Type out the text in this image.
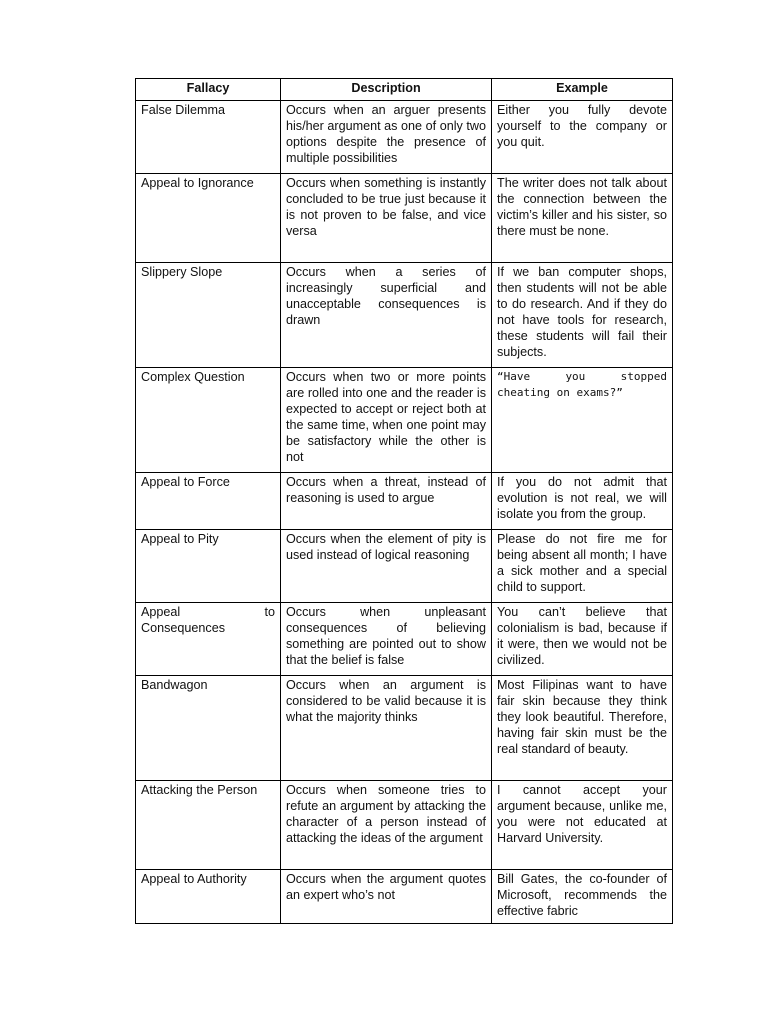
Fallacy	Description	Example
False Dilemma	Occurs when an arguer presents his/her argument as one of only two options despite the presence of multiple possibilities	Either you fully devote yourself to the company or you quit.
Appeal to Ignorance	Occurs when something is instantly concluded to be true just because it is not proven to be false, and vice versa	The writer does not talk about the connection between the victim’s killer and his sister, so there must be none.
Slippery Slope	Occurs when a series of increasingly superficial and unacceptable consequences is drawn	If we ban computer shops, then students will not be able to do research. And if they do not have tools for research, these students will fail their subjects.
Complex Question	Occurs when two or more points are rolled into one and the reader is expected to accept or reject both at the same time, when one point may be satisfactory while the other is not	“Have you stopped cheating on exams?”
Appeal to Force	Occurs when a threat, instead of reasoning is used to argue	If you do not admit that evolution is not real, we will isolate you from the group.
Appeal to Pity	Occurs when the element of pity is used instead of logical reasoning	Please do not fire me for being absent all month; I have a sick mother and a special child to support.
Appeal to Consequences	Occurs when unpleasant consequences of believing something are pointed out to show that the belief is false	You can’t believe that colonialism is bad, because if it were, then we would not be civilized.
Bandwagon	Occurs when an argument is considered to be valid because it is what the majority thinks	Most Filipinas want to have fair skin because they think they look beautiful. Therefore, having fair skin must be the real standard of beauty.
Attacking the Person	Occurs when someone tries to refute an argument by attacking the character of a person instead of attacking the ideas of the argument	I cannot accept your argument because, unlike me, you were not educated at Harvard University.
Appeal to Authority	Occurs when the argument quotes an expert who’s not	Bill Gates, the co-founder of Microsoft, recommends the effective fabric
